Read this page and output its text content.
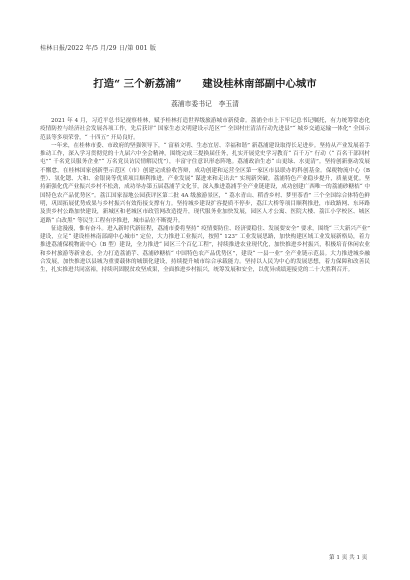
桂林日报/2022 年/5 月/29 日/第 001 版
打造“ 三个新荔浦”　　建设桂林南部副中心城市
荔浦市委书记　李玉清

2021 年 4 月，习近平总书记视察桂林，赋予桂林打造世界级旅游城市新使命。荔浦全市上下牢记总书记嘱托，有力统筹常态化疫情防控与经济社会发展各项工作，先后获评“ 国家生态文明建设示范区”“ 全国村庄清洁行动先进县”“ 城乡交通运输一体化” 全国示范县等多项荣誉，“ 十四五” 开局良好。

一年来，在桂林市委、市政府的坚强领导下，“ 富裕文明、生态宜居、幸福和谐” 新荔浦建设取得长足进步。坚持从产业发展着手推动工作，深入学习贯彻党的十九届六中全会精神，围绕完成三提换届任务，扎实开展党史学习教育“ 百千万” 行动（“ 百名干部回村屯”“ 千名党员服务企业”“ 万名党员访民情解民忧”），丰富守住意识形态阵地。荔浦政治生态“ 山更绿、水更清”。坚持创新驱动发展不懈怠，在桂林国家创新型示范区（市）创建完成验收答辩，成功创建和运营全区第一家区市县联办的科创基金。保税物流中心（B 型）、氢化锶、大和、金银岗等优质项目顺利推进，产业发展“ 谋进来和走出去” 实现新突破。荔浦特色产业稳步提升，质量更优。坚持新强化优产业振兴乡村不松劲，成功举办第五届荔浦芋文化节，深入推进荔浦芋全产业链建设，成功创建广西唯一的荔浦砂糖桔“ 中国特色农产品优势区”。荔江国家湿地公园获评区第二批 4A 级旅游景区，“ 荔水青山、稻香乡村、梦里茶香” 三个全国综合体特色鲜明，巩固拓展优势成果与乡村振兴有效衔接支撑有力。坚持城乡建设扩容提质不停步，荔江大桥等项目顺利推进，市政路网、东环路及贵乡村公路加快建设，新城区和老城区市政管网改造提升，现代服务业加快发展，园区人才公寓、医院大楼、荔江小学校区、城区道路“ 白改黑” 等民生工程有序推进，城市品位不断提升。

征途漫漫，惟有奋斗。进入新时代新征程，荔浦市委将坚持“ 疫情要防住、经济要稳住、发展要安全” 要求，围绕“ 三大新兴产业” 建设，立足“ 建设桂林南部副中心城市” 定位，大力推进工业振兴，按照“ 123” 工业发展思路，加快构建区域工业发展新格局，着力推进荔浦保税物流中心（B 型）建设，全力推进“ 园区三个百亿工程”，持续推进农业现代化，加快推进乡村振兴，积极培育休闲农业和乡村旅游等新业态，全力打造荔浦芋、荔浦砂糖桔“ 中国特色农产品优势区”，建设“ 一县一业” 全产业链示范县。大力推进城乡融合发展，加快推进以县城为重要载体的城镇化建设，持续提升城市综合承载能力。坚持以人民为中心的发展思想，着力保障和改善民生，扎实推进共同富裕，持续巩固脱贫攻坚成果，全面推进乡村振兴，统筹发展和安全，以优异成绩迎接党的二十大胜利召开。

第 1 页 共 1 页
